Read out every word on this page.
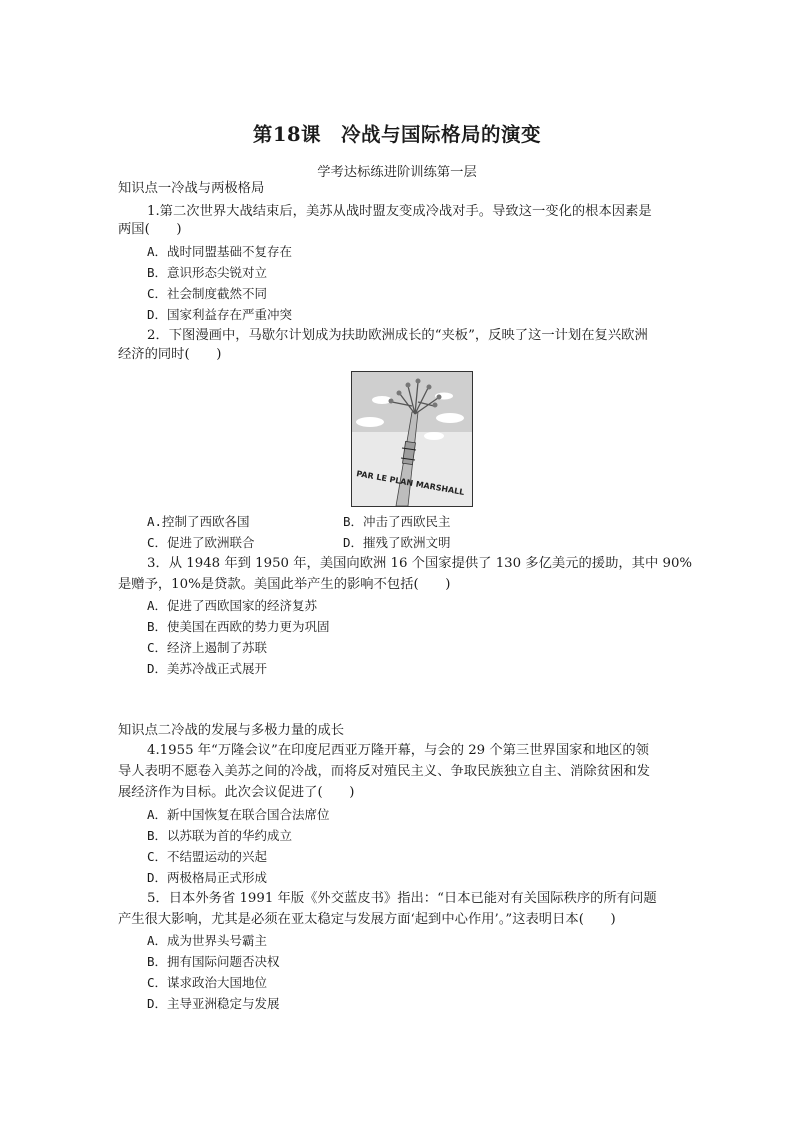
第18课　冷战与国际格局的演变
学考达标练进阶训练第一层
知识点一冷战与两极格局
1.第二次世界大战结束后，美苏从战时盟友变成冷战对手。导致这一变化的根本因素是
两国(　　)
A．战时同盟基础不复存在
B．意识形态尖锐对立
C．社会制度截然不同
D．国家利益存在严重冲突
2．下图漫画中，马歇尔计划成为扶助欧洲成长的“夹板”，反映了这一计划在复兴欧洲
经济的同时(　　)
PAR LE PLAN MARSHALL
A.控制了西欧各国	B．冲击了西欧民主
C．促进了欧洲联合	D．摧残了欧洲文明
3．从 1948 年到 1950 年，美国向欧洲 16 个国家提供了 130 多亿美元的援助，其中 90%
是赠予，10%是贷款。美国此举产生的影响不包括(　　)
A．促进了西欧国家的经济复苏
B．使美国在西欧的势力更为巩固
C．经济上遏制了苏联
D．美苏冷战正式展开
知识点二冷战的发展与多极力量的成长
4.1955 年“万隆会议”在印度尼西亚万隆开幕，与会的 29 个第三世界国家和地区的领
导人表明不愿卷入美苏之间的冷战，而将反对殖民主义、争取民族独立自主、消除贫困和发
展经济作为目标。此次会议促进了(　　)
A．新中国恢复在联合国合法席位
B．以苏联为首的华约成立
C．不结盟运动的兴起
D．两极格局正式形成
5．日本外务省 1991 年版《外交蓝皮书》指出：“日本已能对有关国际秩序的所有问题
产生很大影响，尤其是必须在亚太稳定与发展方面‘起到中心作用’。”这表明日本(　　)
A．成为世界头号霸主
B．拥有国际问题否决权
C．谋求政治大国地位
D．主导亚洲稳定与发展
